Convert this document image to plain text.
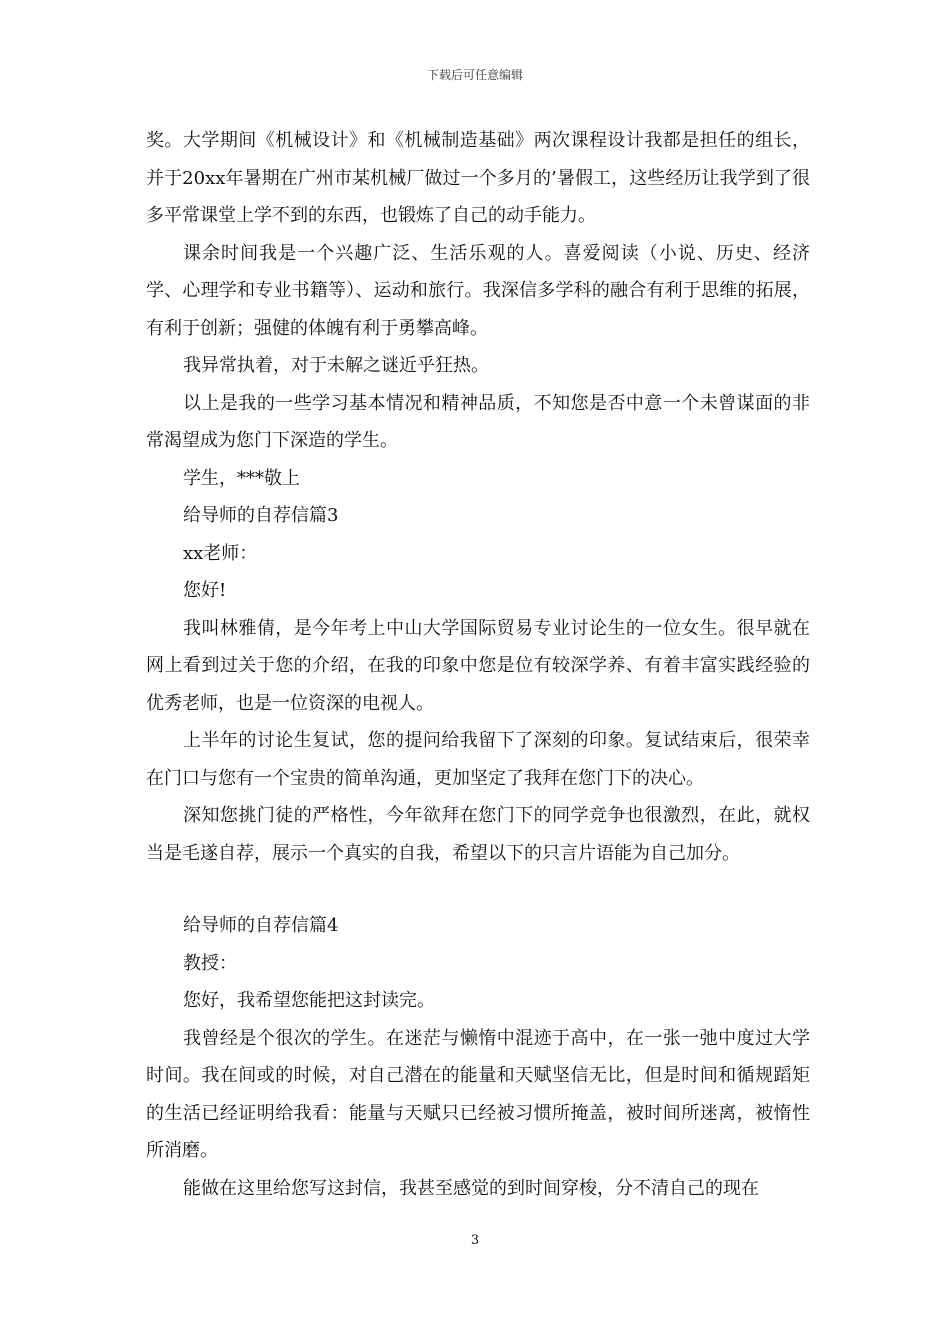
下载后可任意编辑

奖。大学期间《机械设计》和《机械制造基础》两次课程设计我都是担任的组长，并于20xx年暑期在广州市某机械厂做过一个多月的’暑假工，这些经历让我学到了很多平常课堂上学不到的东西，也锻炼了自己的动手能力。

课余时间我是一个兴趣广泛、生活乐观的人。喜爱阅读（小说、历史、经济学、心理学和专业书籍等）、运动和旅行。我深信多学科的融合有利于思维的拓展，有利于创新；强健的体魄有利于勇攀高峰。

我异常执着，对于未解之谜近乎狂热。

以上是我的一些学习基本情况和精神品质，不知您是否中意一个未曾谋面的非常渴望成为您门下深造的学生。

学生，***敬上

给导师的自荐信篇3

xx老师：

您好!

我叫林雅倩，是今年考上中山大学国际贸易专业讨论生的一位女生。很早就在网上看到过关于您的介绍，在我的印象中您是位有较深学养、有着丰富实践经验的优秀老师，也是一位资深的电视人。

上半年的讨论生复试，您的提问给我留下了深刻的印象。复试结束后，很荣幸在门口与您有一个宝贵的简单沟通，更加坚定了我拜在您门下的决心。

深知您挑门徒的严格性，今年欲拜在您门下的同学竞争也很激烈，在此，就权当是毛遂自荐，展示一个真实的自我，希望以下的只言片语能为自己加分。

给导师的自荐信篇4

教授：

您好，我希望您能把这封读完。

我曾经是个很次的学生。在迷茫与懒惰中混迹于高中，在一张一弛中度过大学时间。我在间或的时候，对自己潜在的能量和天赋坚信无比，但是时间和循规蹈矩的生活已经证明给我看：能量与天赋只已经被习惯所掩盖，被时间所迷离，被惰性所消磨。

能做在这里给您写这封信，我甚至感觉的到时间穿梭，分不清自己的现在

3
